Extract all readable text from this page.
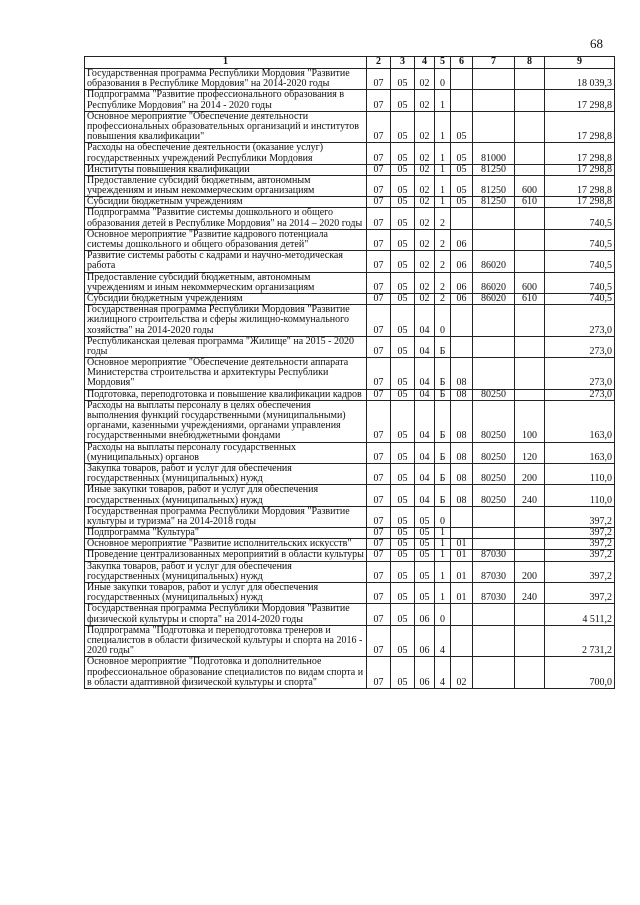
68
1	2	3	4	5	6	7	8	9
Государственная программа Республики Мордовия "Развитие образования в Республике Мордовия" на 2014-2020 годы	07	05	02	0				18 039,3
Подпрограмма "Развитие профессионального образования в Республике Мордовия" на 2014 - 2020 годы	07	05	02	1				17 298,8
Основное мероприятие "Обеспечение деятельности профессиональных образовательных организаций и институтов повышения квалификации"	07	05	02	1	05			17 298,8
Расходы на обеспечение деятельности (оказание услуг) государственных учреждений Республики Мордовия	07	05	02	1	05	81000		17 298,8
Институты повышения квалификации	07	05	02	1	05	81250		17 298,8
Предоставление субсидий бюджетным, автономным учреждениям и иным некоммерческим организациям	07	05	02	1	05	81250	600	17 298,8
Субсидии бюджетным учреждениям	07	05	02	1	05	81250	610	17 298,8
Подпрограмма "Развитие системы дошкольного и общего образования детей в Республике Мордовия" на 2014 – 2020 годы	07	05	02	2				740,5
Основное мероприятие "Развитие кадрового потенциала системы дошкольного и общего образования детей"	07	05	02	2	06			740,5
Развитие системы работы с кадрами и научно-методическая работа	07	05	02	2	06	86020		740,5
Предоставление субсидий бюджетным, автономным учреждениям и иным некоммерческим организациям	07	05	02	2	06	86020	600	740,5
Субсидии бюджетным учреждениям	07	05	02	2	06	86020	610	740,5
Государственная программа Республики Мордовия "Развитие жилищного строительства и сферы жилищно-коммунального хозяйства" на 2014-2020 годы	07	05	04	0				273,0
Республиканская целевая программа "Жилище" на 2015 - 2020 годы	07	05	04	Б				273,0
Основное мероприятие "Обеспечение деятельности аппарата Министерства строительства и архитектуры Республики Мордовия"	07	05	04	Б	08			273,0
Подготовка, переподготовка и повышение квалификации кадров	07	05	04	Б	08	80250		273,0
Расходы на выплаты персоналу в целях обеспечения выполнения функций государственными (муниципальными) органами, казенными учреждениями, органами управления государственными внебюджетными фондами	07	05	04	Б	08	80250	100	163,0
Расходы на выплаты персоналу государственных (муниципальных) органов	07	05	04	Б	08	80250	120	163,0
Закупка товаров, работ и услуг для обеспечения государственных (муниципальных) нужд	07	05	04	Б	08	80250	200	110,0
Иные закупки товаров, работ и услуг для обеспечения государственных (муниципальных) нужд	07	05	04	Б	08	80250	240	110,0
Государственная программа Республики Мордовия "Развитие культуры и туризма" на 2014-2018 годы	07	05	05	0				397,2
Подпрограмма "Культура"	07	05	05	1				397,2
Основное мероприятие "Развитие исполнительских искусств"	07	05	05	1	01			397,2
Проведение централизованных мероприятий в области культуры	07	05	05	1	01	87030		397,2
Закупка товаров, работ и услуг для обеспечения государственных (муниципальных) нужд	07	05	05	1	01	87030	200	397,2
Иные закупки товаров, работ и услуг для обеспечения государственных (муниципальных) нужд	07	05	05	1	01	87030	240	397,2
Государственная программа Республики Мордовия "Развитие физической культуры и спорта" на 2014-2020 годы	07	05	06	0				4 511,2
Подпрограмма "Подготовка и переподготовка тренеров и специалистов в области физической культуры и спорта на 2016 - 2020 годы"	07	05	06	4				2 731,2
Основное мероприятие "Подготовка и дополнительное профессиональное образование специалистов по видам спорта и в области адаптивной физической культуры и спорта"	07	05	06	4	02			700,0
